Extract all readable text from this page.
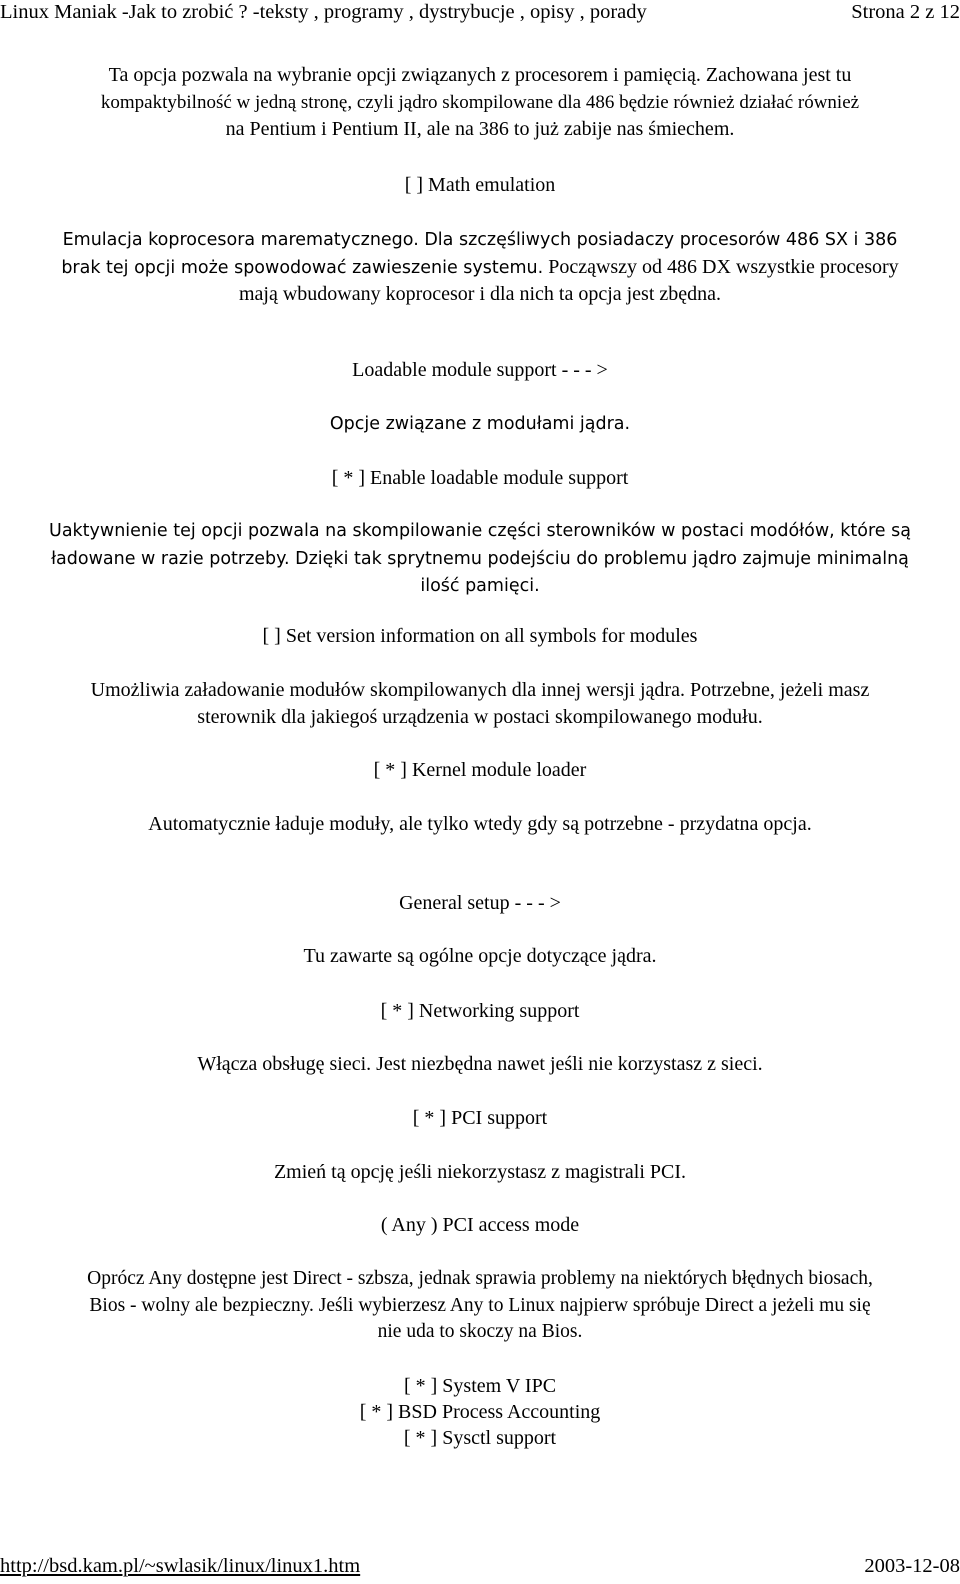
Linux Maniak -Jak to zrobić ? -teksty , programy , dystrybucje , opisy , porady	Strona 2 z 12

Ta opcja pozwala na wybranie opcji związanych z procesorem i pamięcią. Zachowana jest tu
kompaktybilność w jedną stronę, czyli jądro skompilowane dla 486 będzie również działać również
na Pentium i Pentium II, ale na 386 to już zabije nas śmiechem.

[ ] Math emulation

Emulacja koprocesora marematycznego. Dla szczęśliwych posiadaczy procesorów 486 SX i 386
brak tej opcji może spowodować zawieszenie systemu. Począwszy od 486 DX wszystkie procesory
mają wbudowany koprocesor i dla nich ta opcja jest zbędna.

Loadable module support - - - >

Opcje związane z modułami jądra.

[ * ] Enable loadable module support

Uaktywnienie tej opcji pozwala na skompilowanie części sterowników w postaci modółów, które są
ładowane w razie potrzeby. Dzięki tak sprytnemu podejściu do problemu jądro zajmuje minimalną
ilość pamięci.

[ ] Set version information on all symbols for modules

Umożliwia załadowanie modułów skompilowanych dla innej wersji jądra. Potrzebne, jeżeli masz
sterownik dla jakiegoś urządzenia w postaci skompilowanego modułu.

[ * ] Kernel module loader

Automatycznie ładuje moduły, ale tylko wtedy gdy są potrzebne - przydatna opcja.

General setup - - - >

Tu zawarte są ogólne opcje dotyczące jądra.

[ * ] Networking support

Włącza obsługę sieci. Jest niezbędna nawet jeśli nie korzystasz z sieci.

[ * ] PCI support

Zmień tą opcję jeśli niekorzystasz z magistrali PCI.

( Any ) PCI access mode

Oprócz Any dostępne jest Direct - szbsza, jednak sprawia problemy na niektórych błędnych biosach,
Bios - wolny ale bezpieczny. Jeśli wybierzesz Any to Linux najpierw spróbuje Direct a jeżeli mu się
nie uda to skoczy na Bios.

[ * ] System V IPC

[ * ] BSD Process Accounting

[ * ] Sysctl support

http://bsd.kam.pl/~swlasik/linux/linux1.htm	2003-12-08
